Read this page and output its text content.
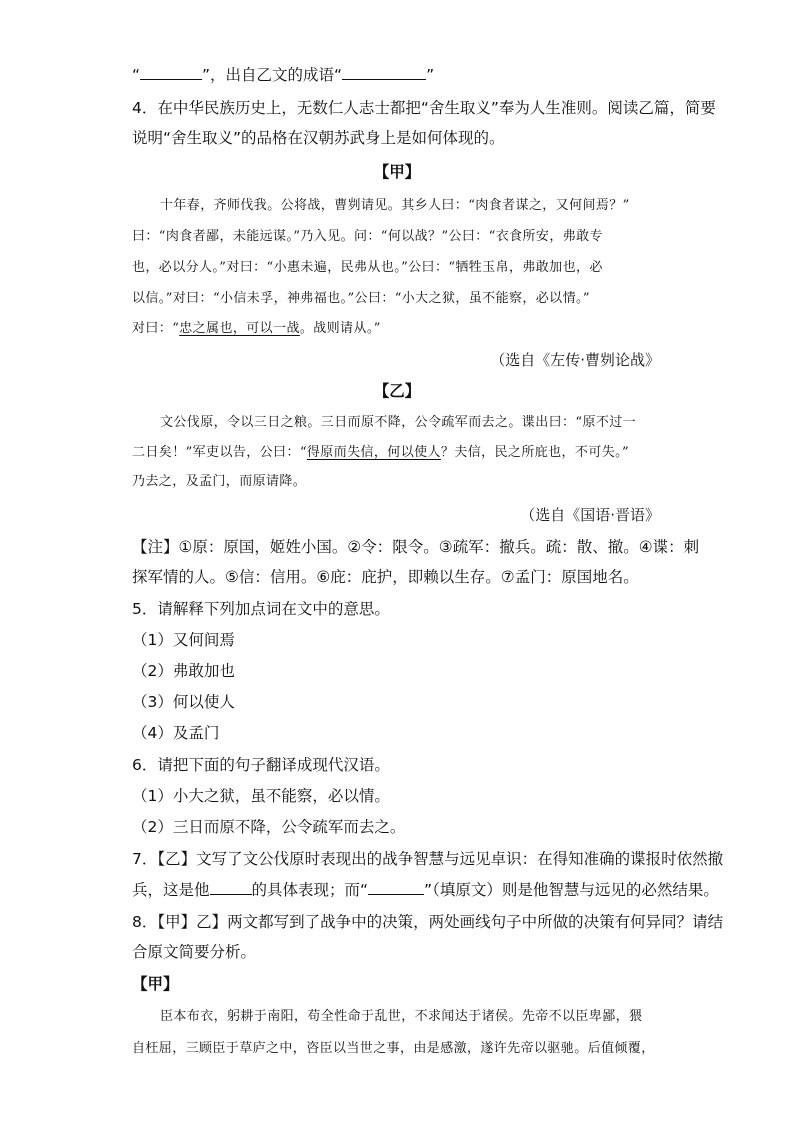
“	”，出自乙文的成语“	”
4．在中华民族历史上，无数仁人志士都把“舍生取义”奉为人生准则。阅读乙篇，简要
说明“舍生取义”的品格在汉朝苏武身上是如何体现的。
【甲】
十年春，齐师伐我。公将战，曹刿请见。其乡人曰：“肉食者谋之，又何间焉？”
曰：“肉食者鄙，未能远谋。”乃入见。问：“何以战？”公曰：“衣食所安，弗敢专
也，必以分人。”对曰：“小惠未遍，民弗从也。”公曰：“牺牲玉帛，弗敢加也，必
以信。”对曰：“小信未孚，神弗福也。”公曰：“小大之狱，虽不能察，必以情。”
对曰：“忠之属也，可以一战。战则请从。”
（选自《左传·曹刿论战》
【乙】
文公伐原，令以三日之粮。三日而原不降，公令疏军而去之。谍出曰：“原不过一
二日矣！”军吏以告，公曰：“得原而失信，何以使人？夫信，民之所庇也，不可失。”
乃去之，及孟门，而原请降。
（选自《国语·晋语》
【注】①原：原国，姬姓小国。②令：限令。③疏军：撤兵。疏：散、撤。④谍：刺
探军情的人。⑤信：信用。⑥庇：庇护，即赖以生存。⑦孟门：原国地名。
5．请解释下列加点词在文中的意思。
（1）又何间焉
（2）弗敢加也
（3）何以使人
（4）及孟门
6．请把下面的句子翻译成现代汉语。
（1）小大之狱，虽不能察，必以情。
（2）三日而原不降，公令疏军而去之。
7．【乙】文写了文公伐原时表现出的战争智慧与远见卓识：在得知准确的谍报时依然撤
兵，这是他	的具体表现；而“	”（填原文）则是他智慧与远见的必然结果。
8．【甲】乙】两文都写到了战争中的决策，两处画线句子中所做的决策有何异同？请结
合原文简要分析。
【甲】
臣本布衣，躬耕于南阳，苟全性命于乱世，不求闻达于诸侯。先帝不以臣卑鄙，猥
自枉屈，三顾臣于草庐之中，咨臣以当世之事，由是感激，遂许先帝以驱驰。后值倾覆，
